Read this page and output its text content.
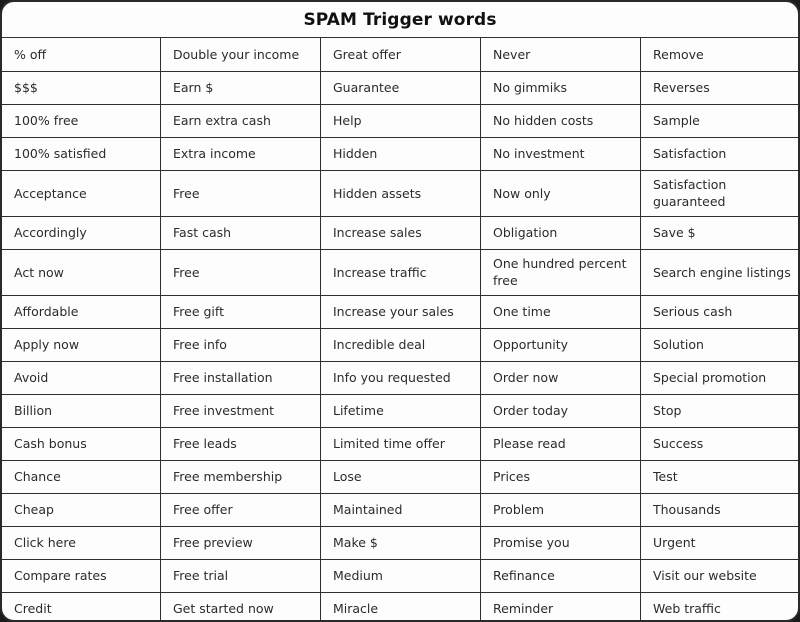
SPAM Trigger words
% off	Double your income	Great offer	Never	Remove
$$$	Earn $	Guarantee	No gimmiks	Reverses
100% free	Earn extra cash	Help	No hidden costs	Sample
100% satisfied	Extra income	Hidden	No investment	Satisfaction
Acceptance	Free	Hidden assets	Now only	Satisfaction guaranteed
Accordingly	Fast cash	Increase sales	Obligation	Save $
Act now	Free	Increase traffic	One hundred percent free	Search engine listings
Affordable	Free gift	Increase your sales	One time	Serious cash
Apply now	Free info	Incredible deal	Opportunity	Solution
Avoid	Free installation	Info you requested	Order now	Special promotion
Billion	Free investment	Lifetime	Order today	Stop
Cash bonus	Free leads	Limited time offer	Please read	Success
Chance	Free membership	Lose	Prices	Test
Cheap	Free offer	Maintained	Problem	Thousands
Click here	Free preview	Make $	Promise you	Urgent
Compare rates	Free trial	Medium	Refinance	Visit our website
Credit	Get started now	Miracle	Reminder	Web traffic
